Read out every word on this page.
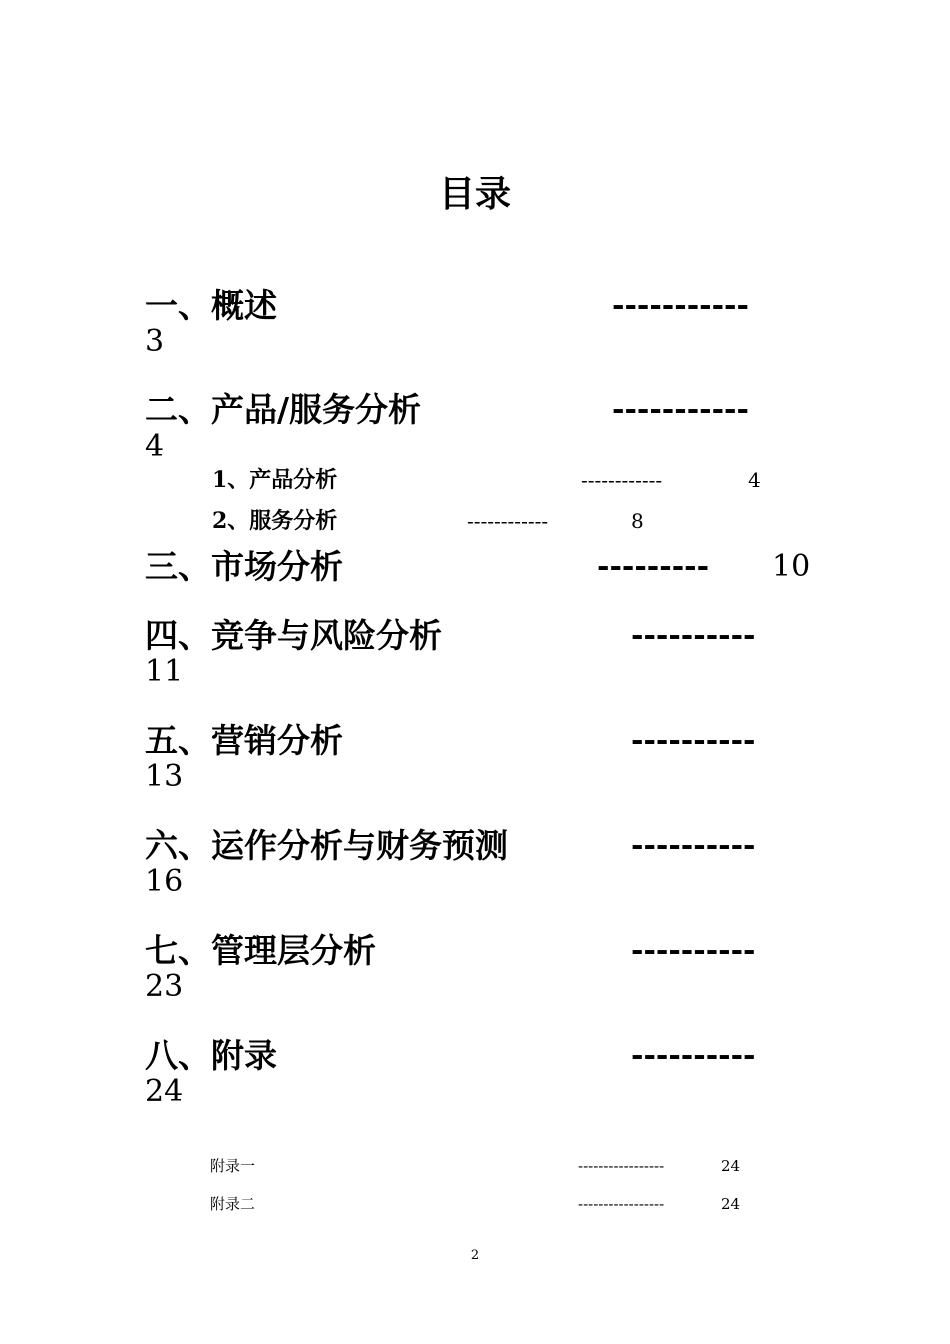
目录
一、概述	-----------
3
二、产品/服务分析	-----------
4
1、产品分析	------------	4
2、服务分析	------------	8
三、市场分析	--------- 10
四、竞争与风险分析	----------
11
五、营销分析	----------
13
六、运作分析与财务预测	----------
16
七、管理层分析	----------
23
八、附录	----------
24
附录一	-----------------	24
附录二	-----------------	24
2
